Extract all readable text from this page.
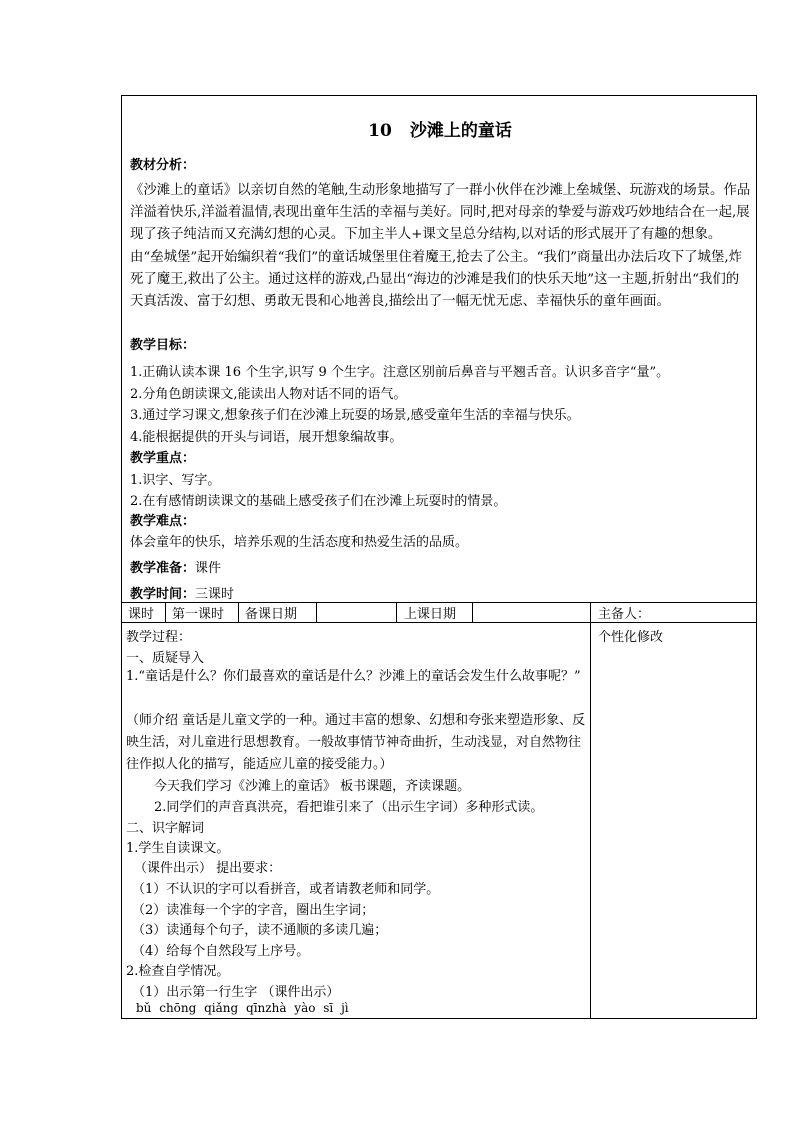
10 沙滩上的童话
教材分析：
《沙滩上的童话》以亲切自然的笔触,生动形象地描写了一群小伙伴在沙滩上垒城堡、玩游戏的场景。作品洋溢着快乐,洋溢着温情,表现出童年生活的幸福与美好。同时,把对母亲的挚爱与游戏巧妙地结合在一起,展现了孩子纯洁而又充满幻想的心灵。下加主半人+课文呈总分结构,以对话的形式展开了有趣的想象。由“垒城堡”起开始编织着“我们”的童话城堡里住着魔王,抢去了公主。“我们”商量出办法后攻下了城堡,炸死了魔王,救出了公主。通过这样的游戏,凸显出“海边的沙滩是我们的快乐天地”这一主题,折射出“我们的天真活泼、富于幻想、勇敢无畏和心地善良,描绘出了一幅无忧无虑、幸福快乐的童年画面。
教学目标：
1.正确认读本课 16 个生字,识写 9 个生字。注意区别前后鼻音与平翘舌音。认识多音字“量”。
2.分角色朗读课文,能读出人物对话不同的语气。
3.通过学习课文,想象孩子们在沙滩上玩耍的场景,感受童年生活的幸福与快乐。
4.能根据提供的开头与词语，展开想象编故事。
教学重点：
1.识字、写字。
2.在有感情朗读课文的基础上感受孩子们在沙滩上玩耍时的情景。
教学难点：
体会童年的快乐，培养乐观的生活态度和热爱生活的品质。
教学准备：课件
教学时间：三课时
课时 第一课时 备课日期	上课日期	主备人：
教学过程：	个性化修改
一、质疑导入
1.“童话是什么？你们最喜欢的童话是什么？沙滩上的童话会发生什么故事呢？”
（师介绍 童话是儿童文学的一种。通过丰富的想象、幻想和夸张来塑造形象、反映生活，对儿童进行思想教育。一般故事情节神奇曲折，生动浅显，对自然物往往作拟人化的描写，能适应儿童的接受能力。）
今天我们学习《沙滩上的童话》 板书课题，齐读课题。
2.同学们的声音真洪亮，看把谁引来了（出示生字词）多种形式读。
二、识字解词
1.学生自读课文。
（课件出示） 提出要求：
（1）不认识的字可以看拼音，或者请教老师和同学。
（2）读准每一个字的字音，圈出生字词；
（3）读通每个句子，读不通顺的多读几遍；
（4）给每个自然段写上序号。
2.检查自学情况。
（1）出示第一行生字 （课件出示）
bǔ chōng qiǎng qīnzhà yào sī jì
